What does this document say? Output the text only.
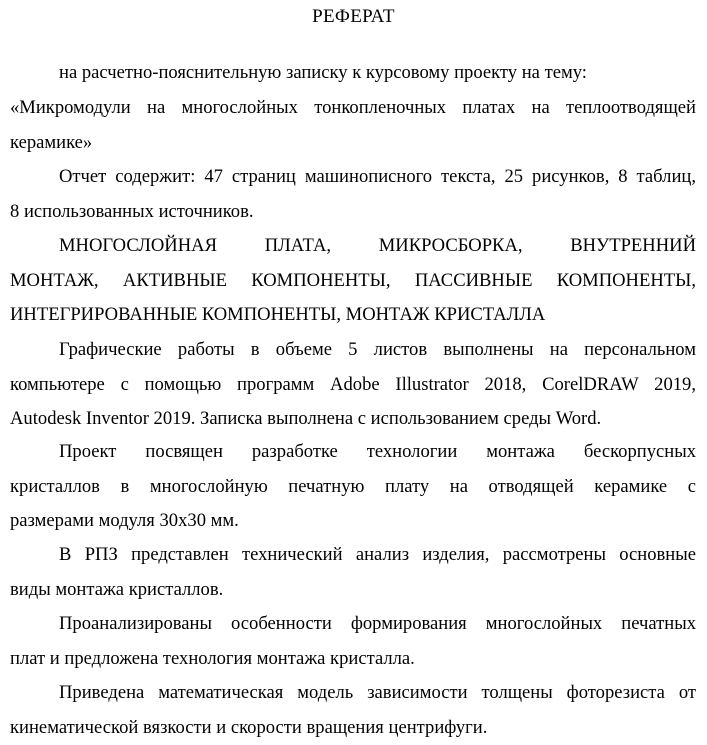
РЕФЕРАТ
на расчетно-пояснительную записку к курсовому проекту на тему:
«Микромодули на многослойных тонкопленочных платах на теплоотводящей
керамике»
Отчет содержит: 47 страниц машинописного текста, 25 рисунков, 8 таблиц,
8 использованных источников.
МНОГОСЛОЙНАЯ ПЛАТА, МИКРОСБОРКА, ВНУТРЕННИЙ
МОНТАЖ, АКТИВНЫЕ КОМПОНЕНТЫ, ПАССИВНЫЕ КОМПОНЕНТЫ,
ИНТЕГРИРОВАННЫЕ КОМПОНЕНТЫ, МОНТАЖ КРИСТАЛЛА
Графические работы в объеме 5 листов выполнены на персональном
компьютере с помощью программ Adobe Illustrator 2018, CorelDRAW 2019,
Autodesk Inventor 2019. Записка выполнена с использованием среды Word.
Проект посвящен разработке технологии монтажа бескорпусных
кристаллов в многослойную печатную плату на отводящей керамике с
размерами модуля 30x30 мм.
В РПЗ представлен технический анализ изделия, рассмотрены основные
виды монтажа кристаллов.
Проанализированы особенности формирования многослойных печатных
плат и предложена технология монтажа кристалла.
Приведена математическая модель зависимости толщены фоторезиста от
кинематической вязкости и скорости вращения центрифуги.
